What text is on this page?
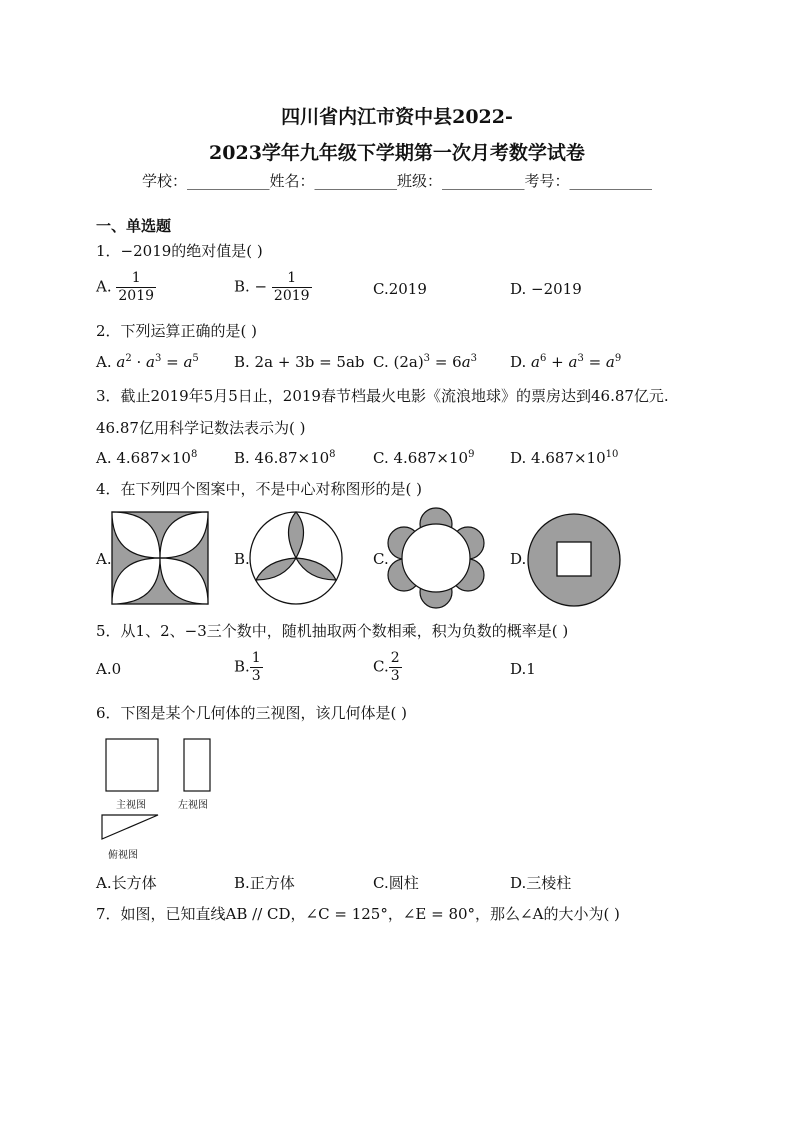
四川省内江市资中县2022-
2023学年九年级下学期第一次月考数学试卷
学校：___________姓名：___________班级：___________考号：___________
一、单选题
1．−2019的绝对值是( )
A. $\frac{1}{2019}$	B. − $\frac{1}{2019}$	C.2019	D. −2019
2．下列运算正确的是( )
A. $a^2 \cdot a^3 = a^5$ B. 2a + 3b = 5ab C. $(2a)^3 = 6a^3$ D. $a^6 + a^3 = a^9$
3．截止2019年5月5日止，2019春节档最火电影《流浪地球》的票房达到46.87亿元.
46.87亿用科学记数法表示为( )
A. $4.687\times 10^8$ B. $46.87\times 10^8$ C. $4.687\times 10^9$ D. $4.687\times 10^{10}$
4．在下列四个图案中，不是中心对称图形的是( )
A.	B.	C.	D.
5．从1、2、−3三个数中，随机抽取两个数相乘，积为负数的概率是( )
A.0	B. $\frac{1}{3}$	C. $\frac{2}{3}$	D.1
6．下图是某个几何体的三视图，该几何体是( )
主视图	左视图
俯视图
A.长方体	B.正方体	C.圆柱	D.三棱柱
7．如图，已知直线AB // CD，∠C = 125°，∠E = 80°，那么∠A的大小为( )
